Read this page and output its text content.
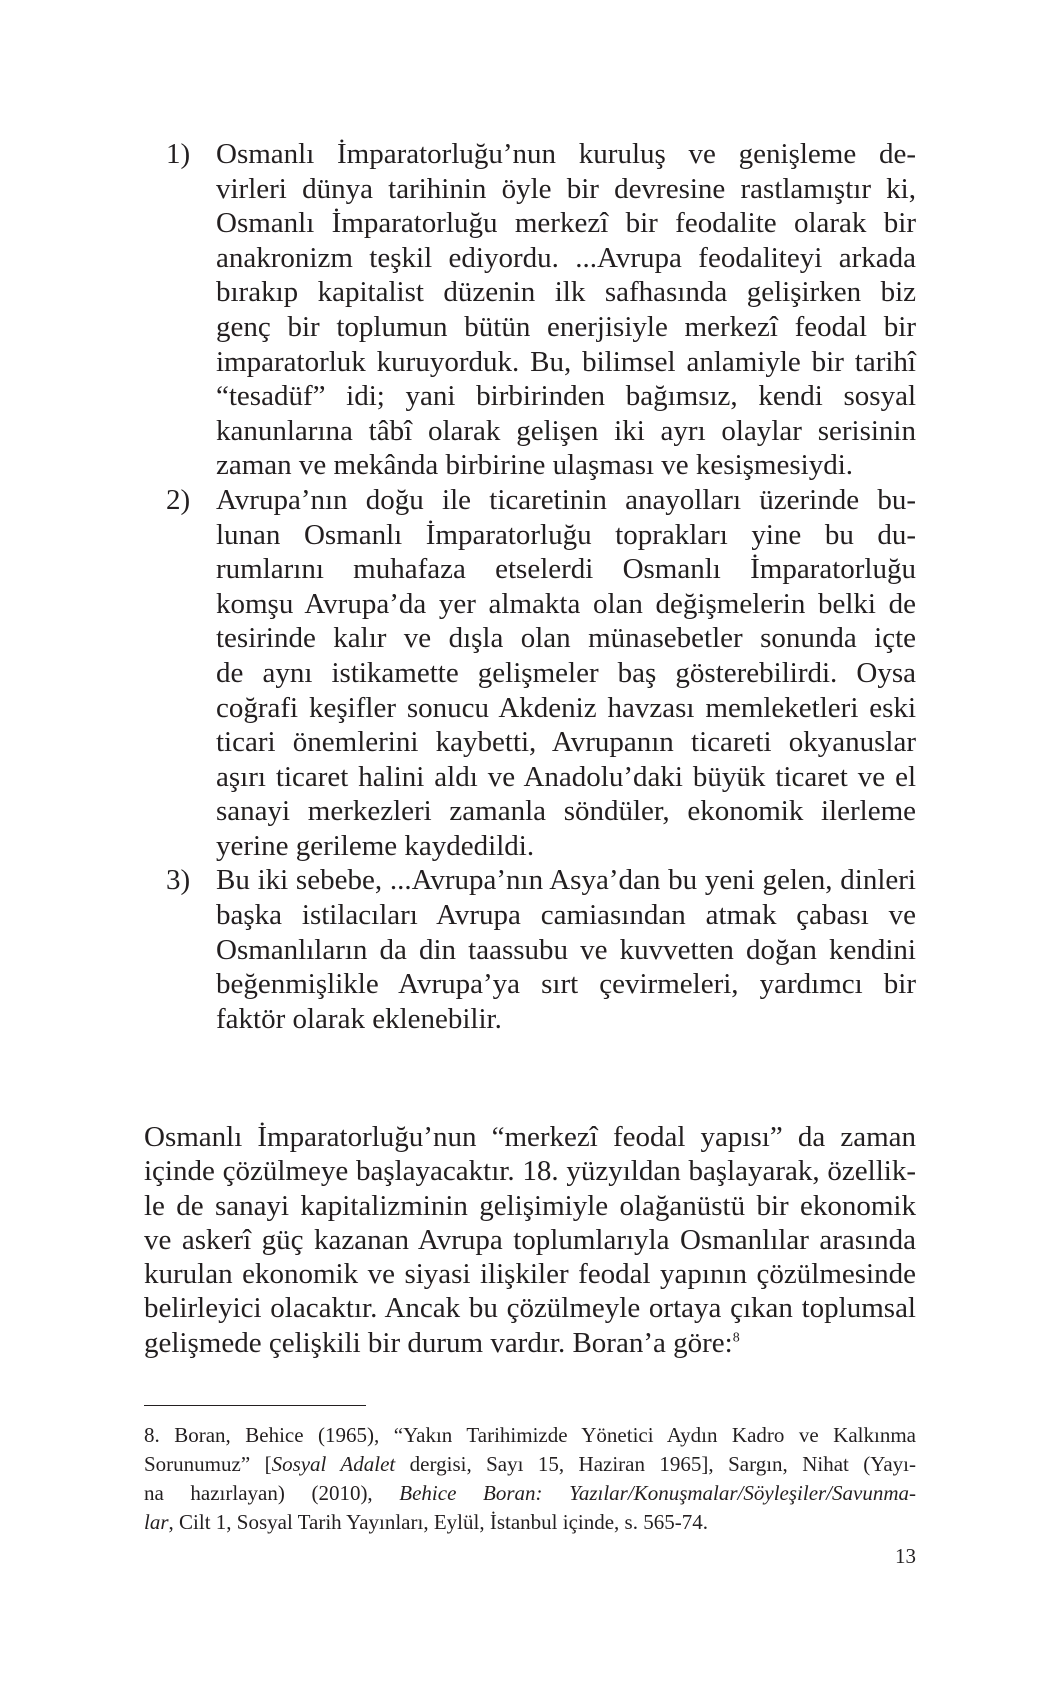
1) Osmanlı İmparatorluğu’nun kuruluş ve genişleme de-
virleri dünya tarihinin öyle bir devresine rastlamıştır ki,
Osmanlı İmparatorluğu merkezî bir feodalite olarak bir
anakronizm teşkil ediyordu. ...Avrupa feodaliteyi arkada
bırakıp kapitalist düzenin ilk safhasında gelişirken biz
genç bir toplumun bütün enerjisiyle merkezî feodal bir
imparatorluk kuruyorduk. Bu, bilimsel anlamiyle bir tarihî
“tesadüf” idi; yani birbirinden bağımsız, kendi sosyal
kanunlarına tâbî olarak gelişen iki ayrı olaylar serisinin
zaman ve mekânda birbirine ulaşması ve kesişmesiydi.
2) Avrupa’nın doğu ile ticaretinin anayolları üzerinde bu-
lunan Osmanlı İmparatorluğu toprakları yine bu du-
rumlarını muhafaza etselerdi Osmanlı İmparatorluğu
komşu Avrupa’da yer almakta olan değişmelerin belki de
tesirinde kalır ve dışla olan münasebetler sonunda içte
de aynı istikamette gelişmeler baş gösterebilirdi. Oysa
coğrafi keşifler sonucu Akdeniz havzası memleketleri eski
ticari önemlerini kaybetti, Avrupanın ticareti okyanuslar
aşırı ticaret halini aldı ve Anadolu’daki büyük ticaret ve el
sanayi merkezleri zamanla söndüler, ekonomik ilerleme
yerine gerileme kaydedildi.
3) Bu iki sebebe, ...Avrupa’nın Asya’dan bu yeni gelen, dinleri
başka istilacıları Avrupa camiasından atmak çabası ve
Osmanlıların da din taassubu ve kuvvetten doğan kendini
beğenmişlikle Avrupa’ya sırt çevirmeleri, yardımcı bir
faktör olarak eklenebilir.
Osmanlı İmparatorluğu’nun “merkezî feodal yapısı” da zaman
içinde çözülmeye başlayacaktır. 18. yüzyıldan başlayarak, özellik-
le de sanayi kapitalizminin gelişimiyle olağanüstü bir ekonomik
ve askerî güç kazanan Avrupa toplumlarıyla Osmanlılar arasında
kurulan ekonomik ve siyasi ilişkiler feodal yapının çözülmesinde
belirleyici olacaktır. Ancak bu çözülmeyle ortaya çıkan toplumsal
gelişmede çelişkili bir durum vardır. Boran’a göre:$^8$
8. Boran, Behice (1965), “Yakın Tarihimizde Yönetici Aydın Kadro ve Kalkınma
Sorunumuz” [Sosyal Adalet dergisi, Sayı 15, Haziran 1965], Sargın, Nihat (Yayı-
na hazırlayan) (2010), Behice Boran: Yazılar/Konuşmalar/Söyleşiler/Savunma-
lar, Cilt 1, Sosyal Tarih Yayınları, Eylül, İstanbul içinde, s. 565-74.
13
